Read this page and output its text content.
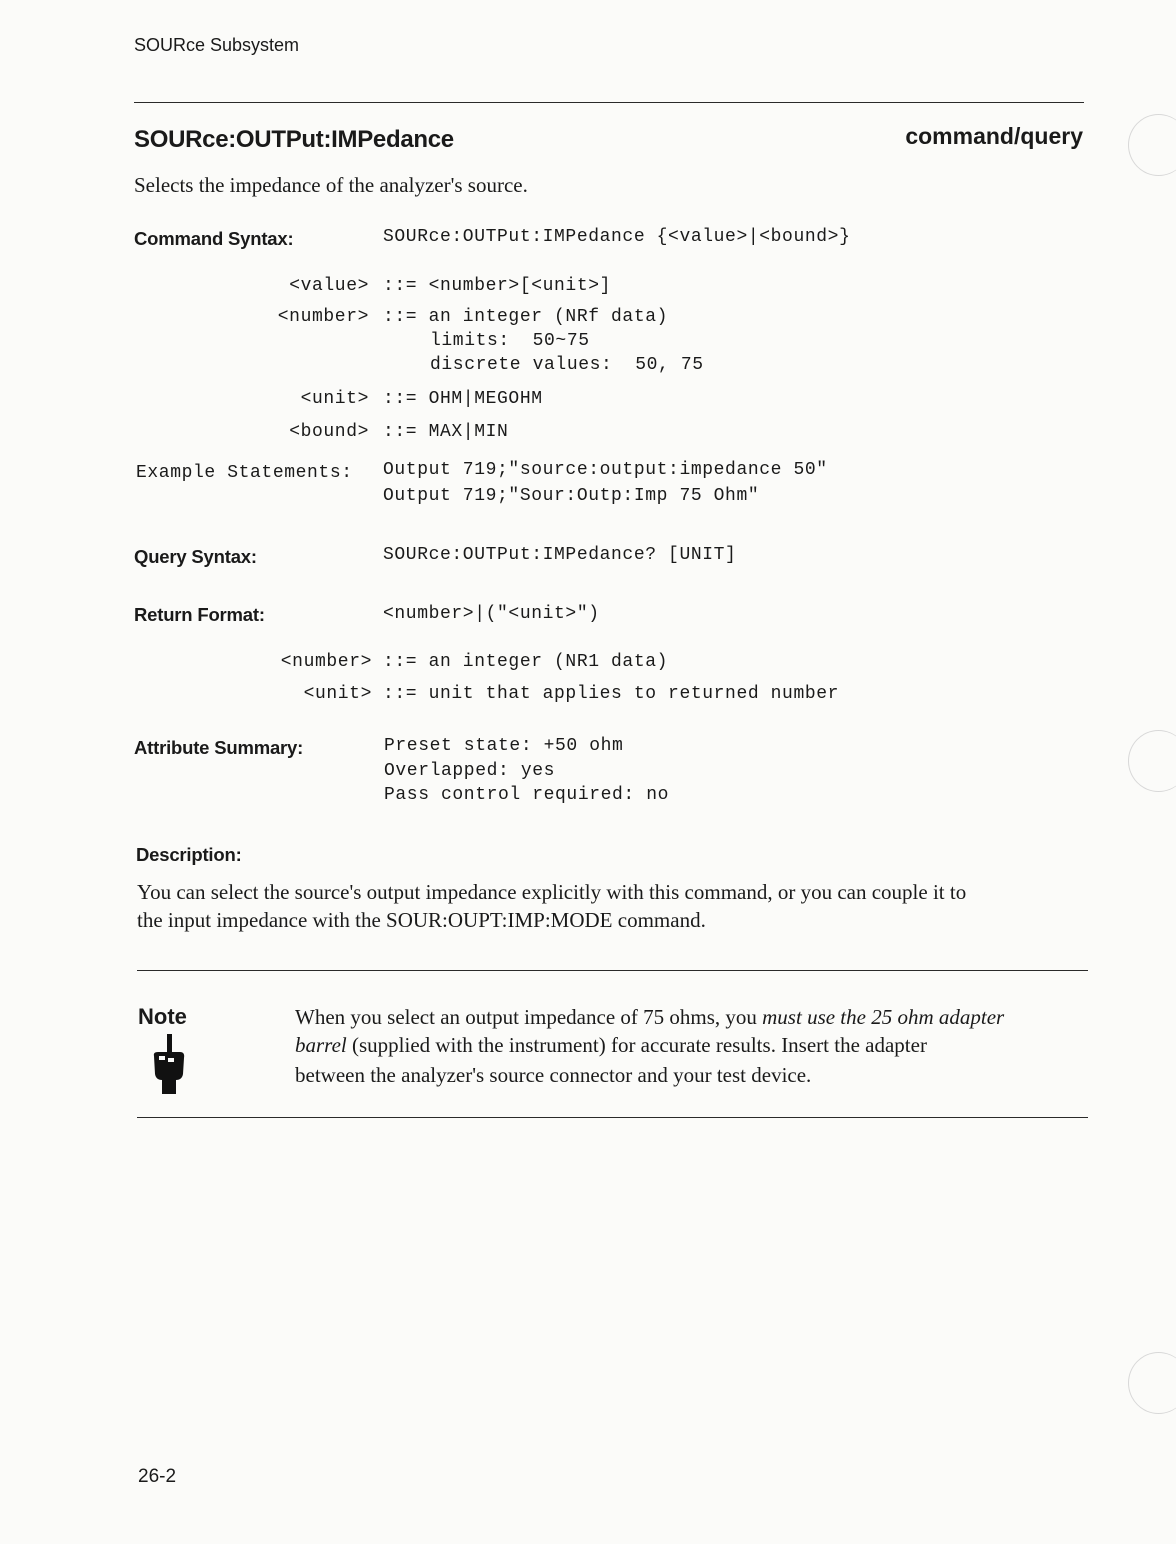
SOURce Subsystem
SOURce:OUTPut:IMPedance	command/query
Selects the impedance of the analyzer's source.
Command Syntax:	SOURce:OUTPut:IMPedance {<value>|<bound>}
<value> ::= <number>[<unit>]
<number> ::= an integer (NRf data)
limits:  50~75
discrete values:  50, 75
<unit> ::= OHM|MEGOHM
<bound> ::= MAX|MIN
Example Statements: Output 719;"source:output:impedance 50"
Output 719;"Sour:Outp:Imp 75 Ohm"
Query Syntax:	SOURce:OUTPut:IMPedance? [UNIT]
Return Format:	<number>|("<unit>")
<number> ::= an integer (NR1 data)
<unit> ::= unit that applies to returned number
Attribute Summary:	Preset state: +50 ohm
Overlapped: yes
Pass control required: no
Description:
You can select the source's output impedance explicitly with this command, or you can couple it to
the input impedance with the SOUR:OUPT:IMP:MODE command.
Note	When you select an output impedance of 75 ohms, you must use the 25 ohm adapter
barrel (supplied with the instrument) for accurate results. Insert the adapter
between the analyzer's source connector and your test device.
26-2
